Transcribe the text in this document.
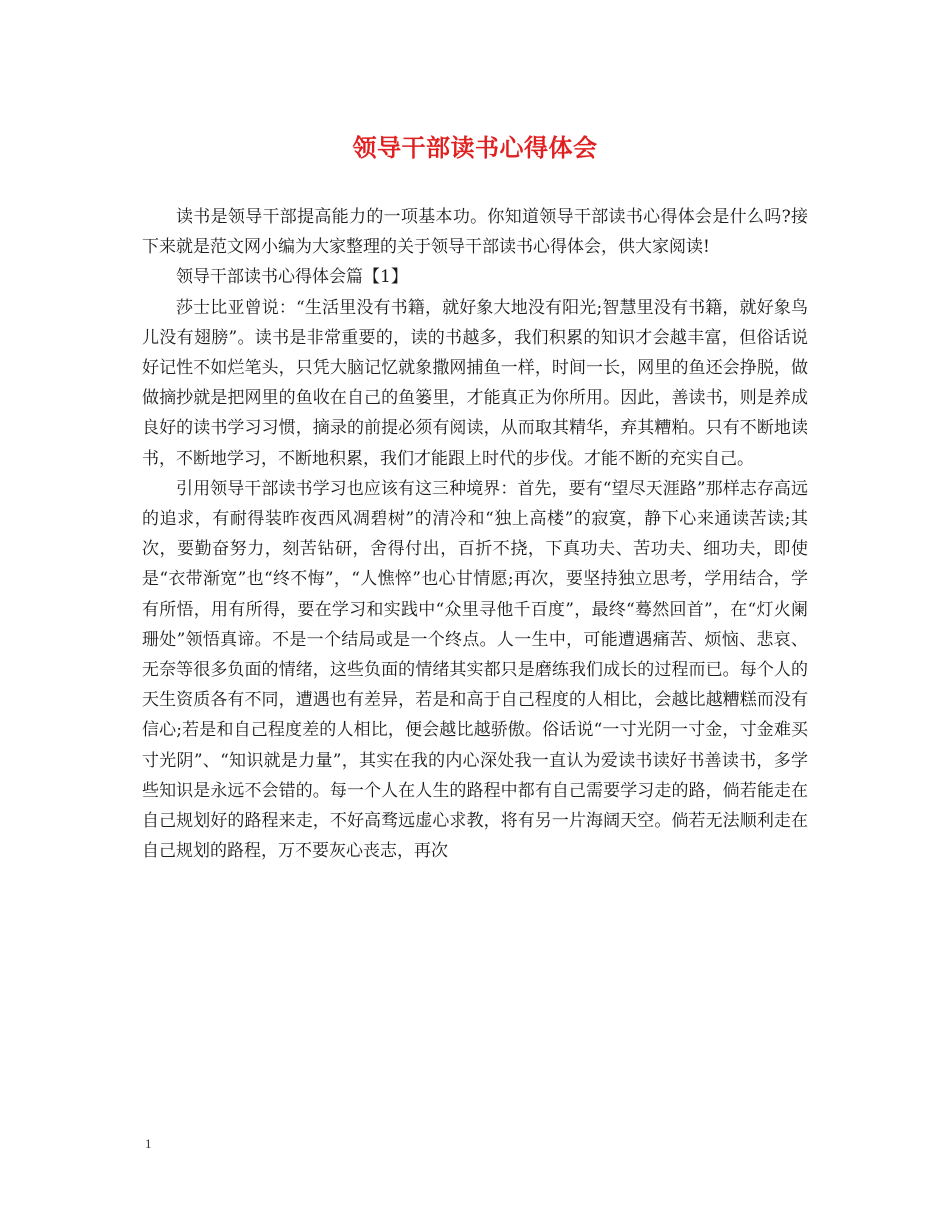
领导干部读书心得体会

读书是领导干部提高能力的一项基本功。你知道领导干部读书心得体会是什么吗?接下来就是范文网小编为大家整理的关于领导干部读书心得体会，供大家阅读!

领导干部读书心得体会篇【1】

莎士比亚曾说：“生活里没有书籍，就好象大地没有阳光;智慧里没有书籍，就好象鸟儿没有翅膀”。读书是非常重要的，读的书越多，我们积累的知识才会越丰富，但俗话说好记性不如烂笔头，只凭大脑记忆就象撒网捕鱼一样，时间一长，网里的鱼还会挣脱，做做摘抄就是把网里的鱼收在自己的鱼篓里，才能真正为你所用。因此，善读书，则是养成良好的读书学习习惯，摘录的前提必须有阅读，从而取其精华，弃其糟粕。只有不断地读书，不断地学习，不断地积累，我们才能跟上时代的步伐。才能不断的充实自己。

引用领导干部读书学习也应该有这三种境界：首先，要有“望尽天涯路”那样志存高远的追求，有耐得装昨夜西风凋碧树”的清冷和“独上高楼”的寂寞，静下心来通读苦读;其次，要勤奋努力，刻苦钻研，舍得付出，百折不挠，下真功夫、苦功夫、细功夫，即使是“衣带渐宽”也“终不悔”，“人憔悴”也心甘情愿;再次，要坚持独立思考，学用结合，学有所悟，用有所得，要在学习和实践中“众里寻他千百度”，最终“蓦然回首”，在“灯火阑珊处”领悟真谛。不是一个结局或是一个终点。人一生中，可能遭遇痛苦、烦恼、悲哀、无奈等很多负面的情绪，这些负面的情绪其实都只是磨练我们成长的过程而已。每个人的天生资质各有不同，遭遇也有差异，若是和高于自己程度的人相比，会越比越糟糕而没有信心;若是和自己程度差的人相比，便会越比越骄傲。俗话说“一寸光阴一寸金，寸金难买寸光阴”、“知识就是力量”，其实在我的内心深处我一直认为爱读书读好书善读书，多学些知识是永远不会错的。每一个人在人生的路程中都有自己需要学习走的路，倘若能走在自己规划好的路程来走，不好高骛远虚心求教，将有另一片海阔天空。倘若无法顺利走在自己规划的路程，万不要灰心丧志，再次

1
